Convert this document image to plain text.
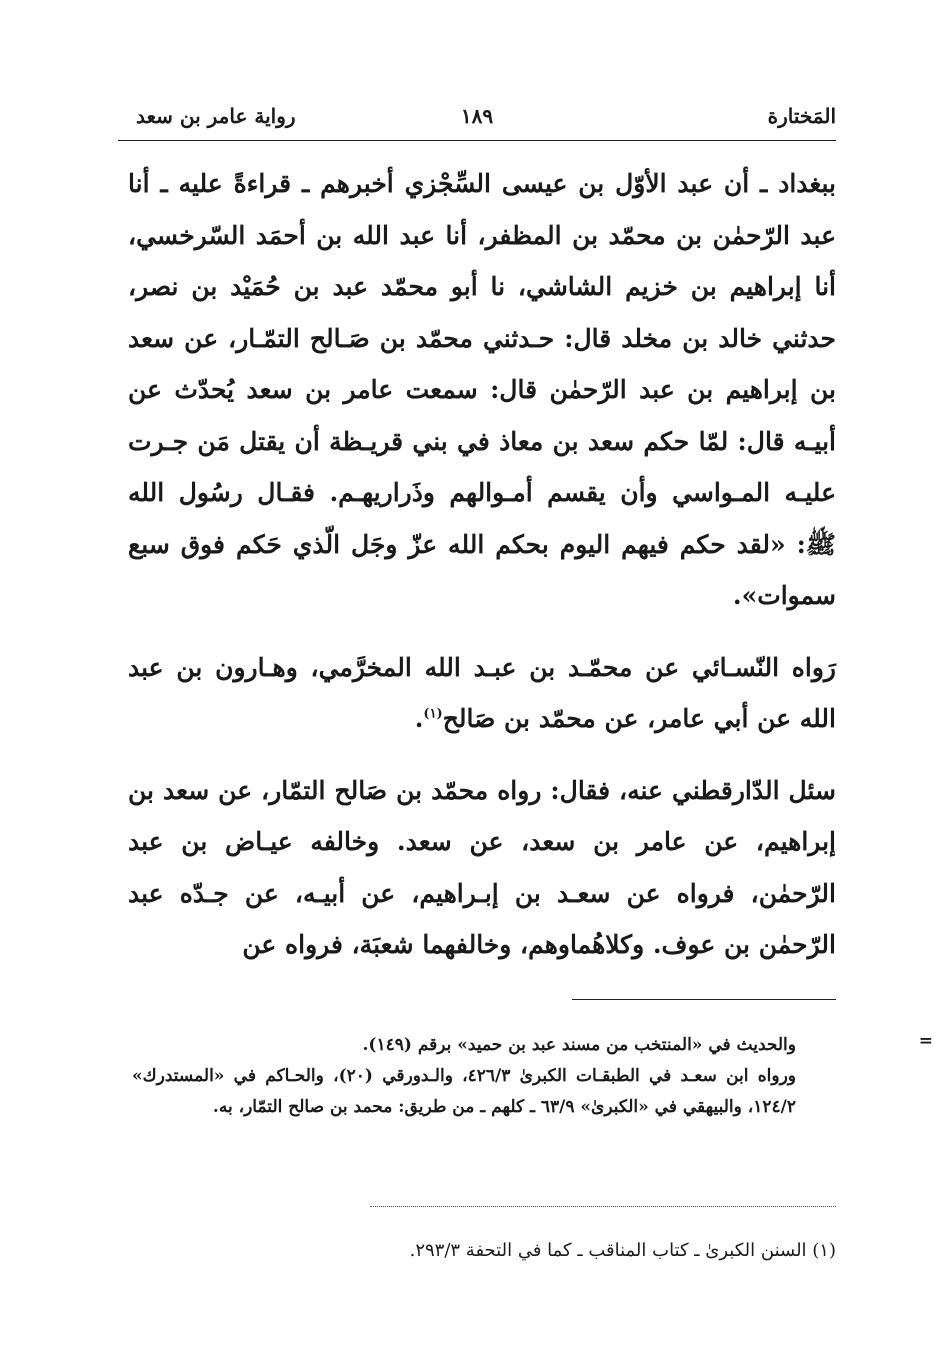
المَختارة
١٨٩
رواية عامر بن سعد

ببغداد ـ أن عبد الأوّل بن عيسى السِّجْزي أخبرهم ـ قراءةً عليه ـ أنا عبد الرّحمٰن بن محمّد بن المظفر، أنا عبد الله بن أحمَد السّرخسي، أنا إبراهيم بن خزيم الشاشي، نا أبو محمّد عبد بن حُمَيْد بن نصر، حدثني خالد بن مخلد قال: حـدثني محمّد بن صَـالح التمّـار، عن سعد بن إبراهيم بن عبد الرّحمٰن قال: سمعت عامر بن سعد يُحدّث عن أبيـه قال: لمّا حكم سعد بن معاذ في بني قريـظة أن يقتل مَن جـرت عليـه المـواسي وأن يقسم أمـوالهم وذَراريهـم. فقـال رسُول الله ﷺ: «لقد حكم فيهم اليوم بحكم الله عزّ وجَل الّذي حَكم فوق سبع سموات».

رَواه النّسـائي عن محمّـد بن عبـد الله المخرَّمي، وهـارون بن عبد الله عن أبي عامر، عن محمّد بن صَالح$^{(١)}$.

سئل الدّارقطني عنه، فقال: رواه محمّد بن صَالح التمّار، عن سعد بن إبراهيم، عن عامر بن سعد، عن سعد. وخالفه عيـاض بن عبد الرّحمٰن، فرواه عن سعـد بن إبـراهيم، عن أبيـه، عن جـدّه عبد الرّحمٰن بن عوف. وكلاهُماوهم، وخالفهما شعبَة، فرواه عن

=
والحديث في «المنتخب من مسند عبد بن حميد» برقم (١٤٩).
ورواه ابن سعـد في الطبقـات الكبرىٰ ٤٢٦/٣، والـدورقي (٢٠)، والحـاكم في «المستدرك» ١٢٤/٢، والبيهقي في «الكبرىٰ» ٦٣/٩ ـ كلهم ـ من طريق: محمد بن صالح التمّار، به.
(١) السنن الكبرىٰ ـ كتاب المناقب ـ كما في التحفة ٢٩٣/٣.
